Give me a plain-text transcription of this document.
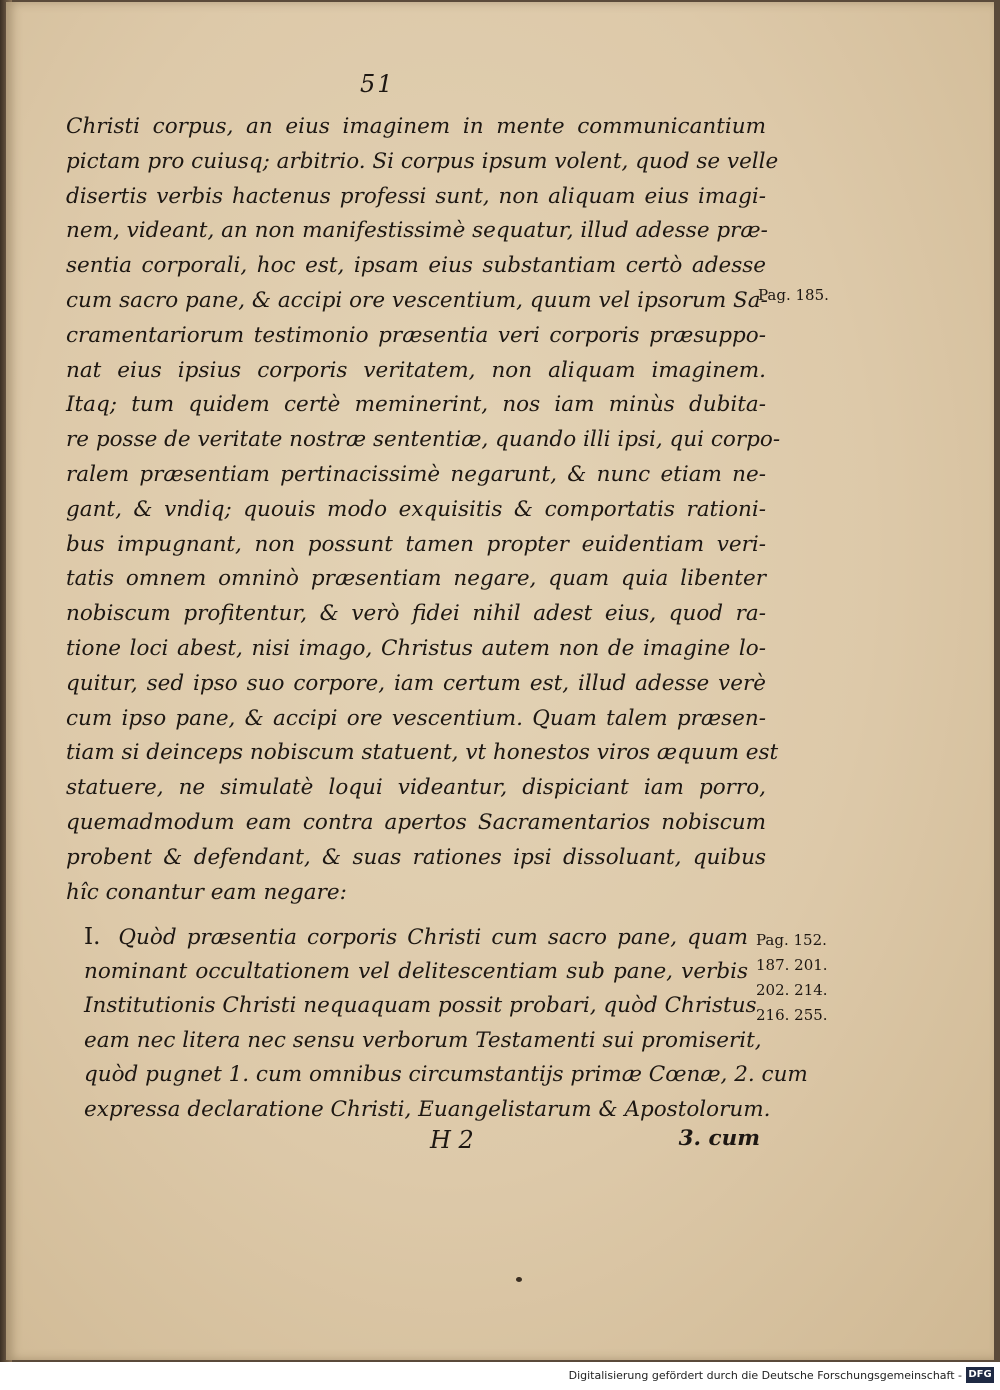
51
Christi corpus, an eius imaginem in mente communicantium
pictam pro cuiusq; arbitrio. Si corpus ipsum volent, quod se velle
disertis verbis hactenus professi sunt, non aliquam eius imagi-
nem, videant, an non manifestissimè sequatur, illud adesse præ-
sentia corporali, hoc est, ipsam eius substantiam certò adesse
cum sacro pane, & accipi ore vescentium, quum vel ipsorum Sa-
cramentariorum testimonio præsentia veri corporis præsuppo-
nat eius ipsius corporis veritatem, non aliquam imaginem.
Itaq; tum quidem certè meminerint, nos iam minùs dubita-
re posse de veritate nostræ sententiæ, quando illi ipsi, qui corpo-
ralem præsentiam pertinacissimè negarunt, & nunc etiam ne-
gant, & vndiq; quouis modo exquisitis & comportatis rationi-
bus impugnant, non possunt tamen propter euidentiam veri-
tatis omnem omninò præsentiam negare, quam quia libenter
nobiscum profitentur, & verò fidei nihil adest eius, quod ra-
tione loci abest, nisi imago, Christus autem non de imagine lo-
quitur, sed ipso suo corpore, iam certum est, illud adesse verè
cum ipso pane, & accipi ore vescentium. Quam talem præsen-
tiam si deinceps nobiscum statuent, vt honestos viros æquum est
statuere, ne simulatè loqui videantur, dispiciant iam porro,
quemadmodum eam contra apertos Sacramentarios nobiscum
probent & defendant, & suas rationes ipsi dissoluant, quibus
hîc conantur eam negare:
Pag. 185.
I. Quòd præsentia corporis Christi cum sacro pane, quam
nominant occultationem vel delitescentiam sub pane, verbis
Institutionis Christi nequaquam possit probari, quòd Christus
eam nec litera nec sensu verborum Testamenti sui promiserit,
quòd pugnet 1. cum omnibus circumstantijs primæ Cœnæ, 2. cum
expressa declaratione Christi, Euangelistarum & Apostolorum.
Pag. 152.
187. 201.
202. 214.
216. 255.
H 2	3. cum
Digitalisierung gefördert durch die Deutsche Forschungsgemeinschaft - DFG
